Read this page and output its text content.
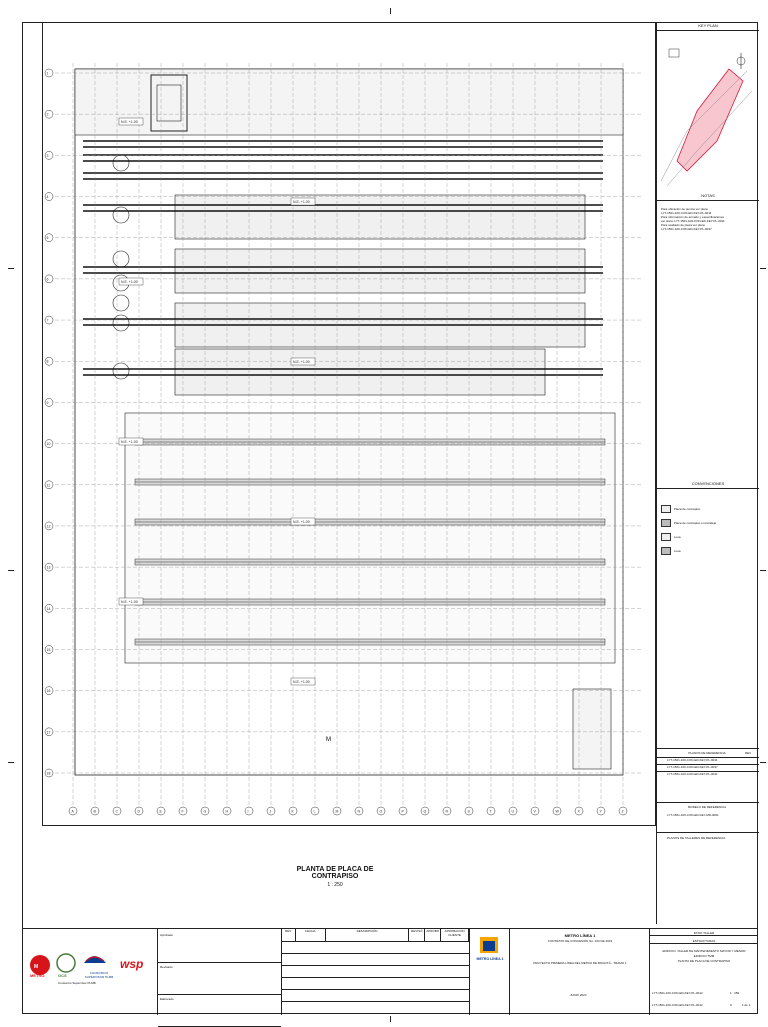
A	B	C	D	E	F	G	H	I	J	K	L	M	N	O	P	Q	R	S	T	U	V	W	X	Y	Z
1
2
3
4
5
6
7
8
9
10
11
12
13
14
15
16
17
18
N.E. +1.00
N.E. +1.00
N.E. +1.00
N.E. +1.00
N.E. +1.00
N.E. +1.00
N.E. +1.00
N.E. +1.00
M
PLANTA DE PLACA DE CONTRAPISO
1 : 250
KEY PLAN
NOTAS
Para ubicación de puntos ver plano
LYT-1501-100-CON-ED-KEY-PL-0011
Para información de armado y especificaciones
ver plano LYT-1501-100-CON-ED-KEY-PL-0011
Para acabado de placa ver plano
LYT-1501-100-CON-ED-KEY-PL-0037
CONVENCIONES
Placa de contrapiso
Placa de contrapiso en bandeja
Losa
Losa
PLANOS DE REFERENCIA	REV
LYT-1501-100-CON-ED-KEY-PL-0011
LYT-1501-100-CON-ED-KEY-PL-0037
LYT-1501-100-CON-ED-KEY-PL-0041
MODELO DE REFERENCIA
LYT-1501-100-CON-ED-KEY-MD-0001
PLANOS DE TALLERES DE REFERENCIA
M
METRO	GCS	CONSORCIO SUPERVISOR PLMB
wsp
Consorcio Supervisor PLMB
Aprobado
Revisado
Elaborado
REV.	FECHA	DESCRIPCIÓN	REVISÓ	APROBÓ	APROBACIÓN CLIENTE
METRO LÍNEA 1
METRO LÍNEA 1
CONTRATO DE CONCESIÓN No. 163 DE 2019
PROYECTO PRIMERA LÍNEA DEL METRO DE BOGOTÁ - TRAMO 1
JUNIO 2024
PATIO TALLER
ESTRUCTURAS
EDIFICIO: TALLER DE MANTENIMIENTO MAYOR Y MENOR
EDIFICIO TMM
PLANTA DE PLACA DE CONTRAPISO
LYT-1501-100-CON-ED-KEY-PL-0012	1 : 250
LYT-1501-100-CON-ED-KEY-PL-0012	0	1 de 1
